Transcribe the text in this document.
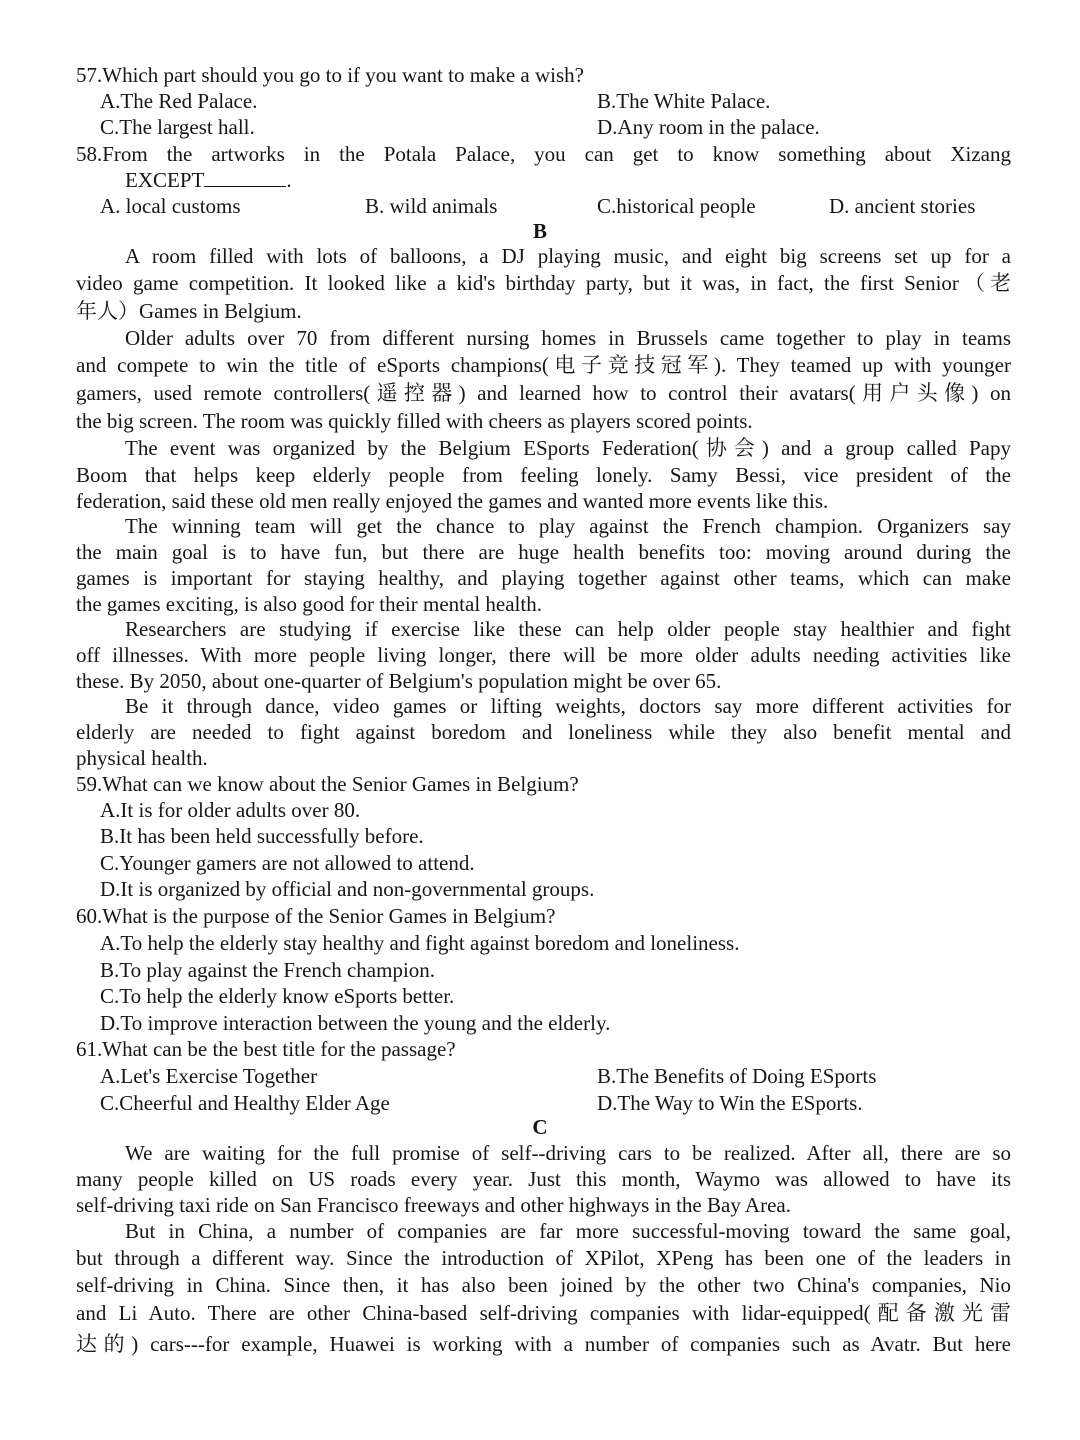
57.Which part should you go to if you want to make a wish?
A.The Red Palace.	B.The White Palace.
C.The largest hall.	D.Any room in the palace.
58.From the artworks in the Potala Palace, you can get to know something about Xizang
EXCEPT	.
A. local customs	B. wild animals	C.historical people	D. ancient stories
B
A room filled with lots of balloons, a DJ playing music, and eight big screens set up for a
video game competition. It looked like a kid's birthday party, but it was, in fact, the first Senior（老
年人）Games in Belgium.
Older adults over 70 from different nursing homes in Brussels came together to play in teams
and compete to win the title of eSports champions(电子竞技冠军). They teamed up with younger
gamers, used remote controllers(遥控器) and learned how to control their avatars(用户头像) on
the big screen. The room was quickly filled with cheers as players scored points.
The event was organized by the Belgium ESports Federation(协会) and a group called Papy
Boom that helps keep elderly people from feeling lonely. Samy Bessi, vice president of the
federation, said these old men really enjoyed the games and wanted more events like this.
The winning team will get the chance to play against the French champion. Organizers say
the main goal is to have fun, but there are huge health benefits too: moving around during the
games is important for staying healthy, and playing together against other teams, which can make
the games exciting, is also good for their mental health.
Researchers are studying if exercise like these can help older people stay healthier and fight
off illnesses. With more people living longer, there will be more older adults needing activities like
these. By 2050, about one-quarter of Belgium's population might be over 65.
Be it through dance, video games or lifting weights, doctors say more different activities for
elderly are needed to fight against boredom and loneliness while they also benefit mental and
physical health.
59.What can we know about the Senior Games in Belgium?
A.It is for older adults over 80.
B.It has been held successfully before.
C.Younger gamers are not allowed to attend.
D.It is organized by official and non-governmental groups.
60.What is the purpose of the Senior Games in Belgium?
A.To help the elderly stay healthy and fight against boredom and loneliness.
B.To play against the French champion.
C.To help the elderly know eSports better.
D.To improve interaction between the young and the elderly.
61.What can be the best title for the passage?
A.Let's Exercise Together	B.The Benefits of Doing ESports
C.Cheerful and Healthy Elder Age	D.The Way to Win the ESports.
C
We are waiting for the full promise of self--driving cars to be realized. After all, there are so
many people killed on US roads every year. Just this month, Waymo was allowed to have its
self-driving taxi ride on San Francisco freeways and other highways in the Bay Area.
But in China, a number of companies are far more successful-moving toward the same goal,
but through a different way. Since the introduction of XPilot, XPeng has been one of the leaders in
self-driving in China. Since then, it has also been joined by the other two China's companies, Nio
and Li Auto. There are other China-based self-driving companies with lidar-equipped(配备激光雷
达的) cars---for example, Huawei is working with a number of companies such as Avatr. But here
